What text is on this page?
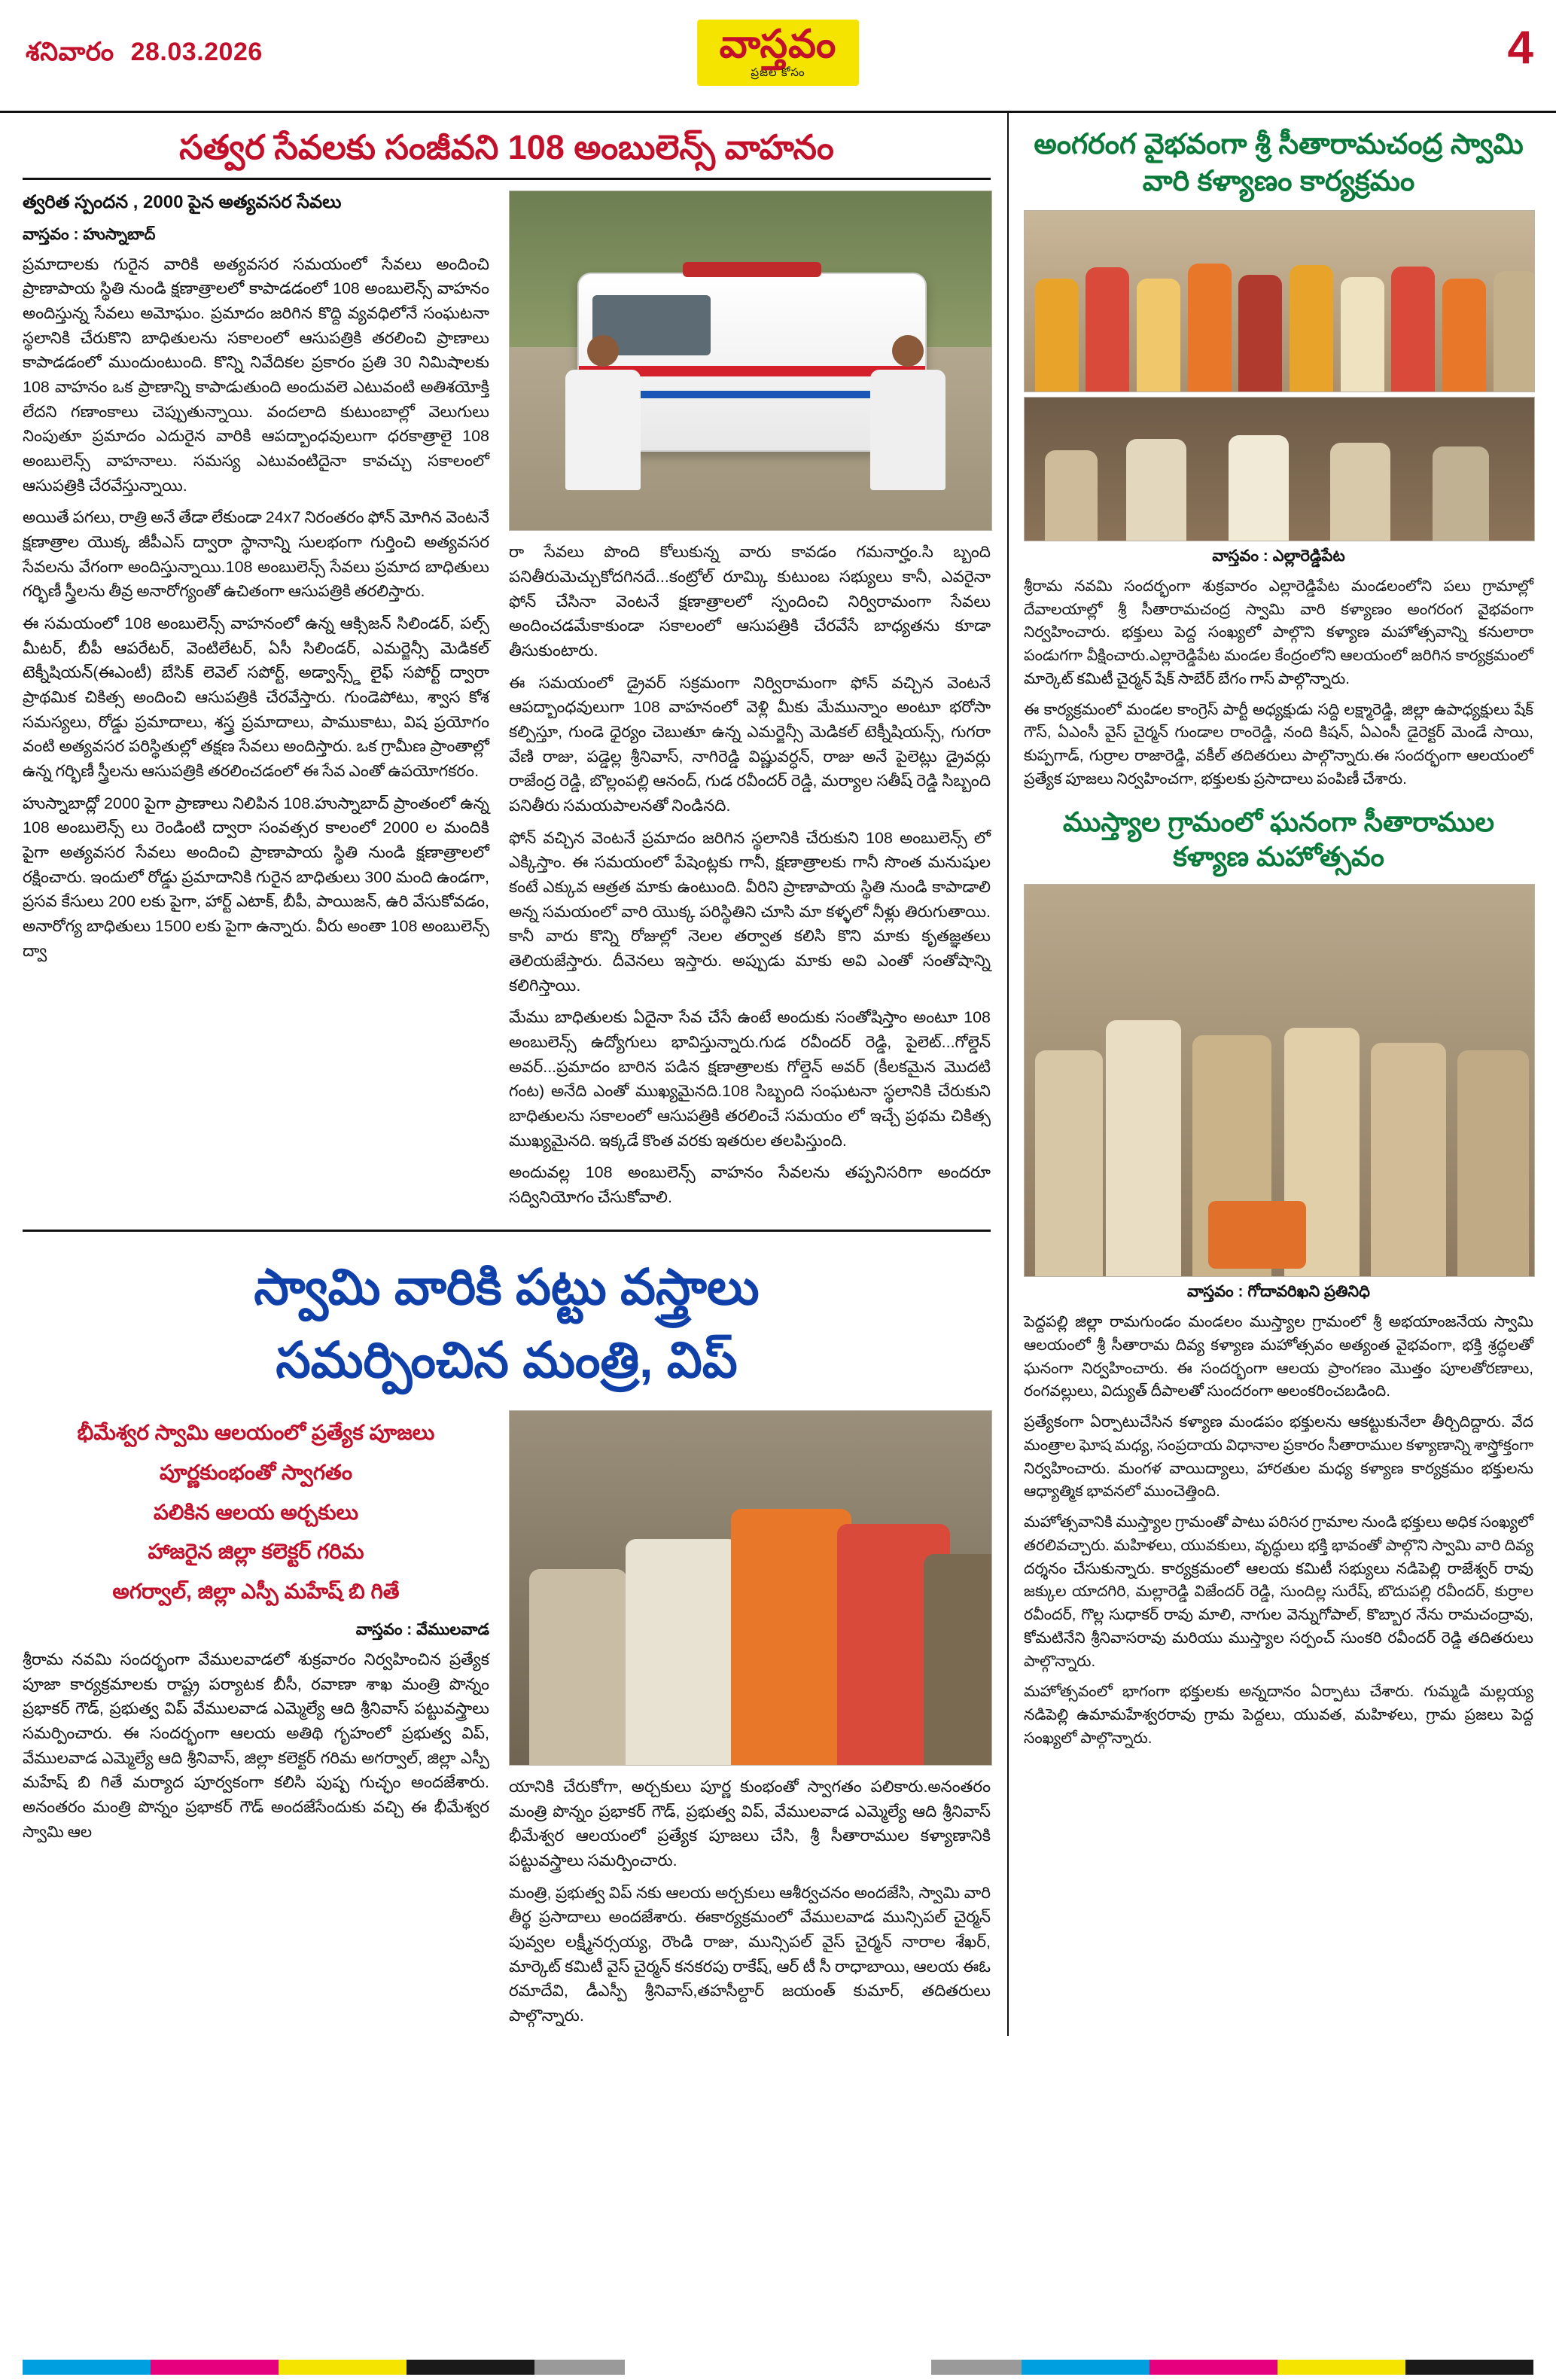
శనివారం 28.03.2026	వాస్తవం
ప్రజల కోసం	4
సత్వర సేవలకు సంజీవని 108 అంబులెన్స్ వాహనం
త్వరిత స్పందన , 2000 పైన అత్యవసర సేవలు
వాస్తవం : హుస్నాబాద్

ప్రమాదాలకు గురైన వారికి అత్యవసర సమయంలో సేవలు అందించి ప్రాణాపాయ స్థితి నుండి క్షణాత్రాలలో కాపాడడంలో 108 అంబులెన్స్ వాహనం అందిస్తున్న సేవలు అమోఘం. ప్రమాదం జరిగిన కొద్ది వ్యవధిలోనే సంఘటనా స్థలానికి చేరుకొని బాధితులను సకాలంలో ఆసుపత్రికి తరలించి ప్రాణాలు కాపాడడంలో ముందుంటుంది. కొన్ని నివేదికల ప్రకారం ప్రతి 30 నిమిషాలకు 108 వాహనం ఒక ప్రాణాన్ని కాపాడుతుంది అందువలె ఎటువంటి అతిశయోక్తి లేదని గణాంకాలు చెప్పుతున్నాయి. వందలాది కుటుంబాల్లో వెలుగులు నింపుతూ ప్రమాదం ఎదురైన వారికి ఆపద్బాంధవులుగా ధరకాత్రాలై 108 అంబులెన్స్ వాహనాలు. సమస్య ఎటువంటిదైనా కావచ్చు సకాలంలో ఆసుపత్రికి చేరవేస్తున్నాయి.

అయితే పగలు, రాత్రి అనే తేడా లేకుండా 24x7 నిరంతరం ఫోన్ మోగిన వెంటనే క్షణాత్రాల యొక్క జీపీఎస్ ద్వారా స్థానాన్ని సులభంగా గుర్తించి అత్యవసర సేవలను వేగంగా అందిస్తున్నాయి.108 అంబులెన్స్ సేవలు ప్రమాద బాధితులు గర్భిణీ స్త్రీలను తీవ్ర అనారోగ్యంతో ఉచితంగా ఆసుపత్రికి తరలిస్తారు.

ఈ సమయంలో 108 అంబులెన్స్ వాహనంలో ఉన్న ఆక్సిజన్ సిలిండర్, పల్స్ మీటర్, బీపీ ఆపరేటర్, వెంటిలేటర్, ఏసీ సిలిండర్, ఎమర్జెన్సీ మెడికల్ టెక్నీషియన్(ఈఎంటీ) బేసిక్ లెవెల్ సపోర్ట్, అడ్వాన్స్డ్ లైఫ్ సపోర్ట్ ద్వారా ప్రాథమిక చికిత్స అందించి ఆసుపత్రికి చేరవేస్తారు. గుండెపోటు, శ్వాస కోశ సమస్యలు, రోడ్డు ప్రమాదాలు, శస్త్ర ప్రమాదాలు, పాముకాటు, విష ప్రయోగం వంటి అత్యవసర పరిస్థితుల్లో తక్షణ సేవలు అందిస్తారు. ఒక గ్రామీణ ప్రాంతాల్లో ఉన్న గర్భిణీ స్త్రీలను ఆసుపత్రికి తరలించడంలో ఈ సేవ ఎంతో ఉపయోగకరం.

హుస్నాబాద్లో 2000 పైగా ప్రాణాలు నిలిపిన 108.హుస్నాబాద్ ప్రాంతంలో ఉన్న 108 అంబులెన్స్ లు రెండింటి ద్వారా సంవత్సర కాలంలో 2000 ల మందికి పైగా అత్యవసర సేవలు అందించి ప్రాణాపాయ స్థితి నుండి క్షణాత్రాలలో రక్షించారు. ఇందులో రోడ్డు ప్రమాదానికి గురైన బాధితులు 300 మంది ఉండగా, ప్రసవ కేసులు 200 లకు పైగా, హార్ట్ ఎటాక్, బీపీ, పాయిజన్, ఉరి వేసుకోవడం, అనారోగ్య బాధితులు 1500 లకు పైగా ఉన్నారు. వీరు అంతా 108 అంబులెన్స్ ద్వా

రా సేవలు పొంది కోలుకున్న వారు కావడం గమనార్హం.సి బ్బంది పనితీరుమెచ్చుకోదగినదే...కంట్రోల్ రూమ్కి కుటుంబ సభ్యులు కానీ, ఎవరైనా ఫోన్ చేసినా వెంటనే క్షణాత్రాలలో స్పందించి నిర్విరామంగా సేవలు అందించడమేకాకుండా సకాలంలో ఆసుపత్రికి చేరవేసే బాధ్యతను కూడా తీసుకుంటారు.

ఈ సమయంలో డ్రైవర్ సక్రమంగా నిర్విరామంగా ఫోన్ వచ్చిన వెంటనే ఆపద్బాంధవులుగా 108 వాహనంలో వెళ్లి మీకు మేమున్నాం అంటూ భరోసా కల్పిస్తూ, గుండె ధైర్యం చెబుతూ ఉన్న ఎమర్జెన్సీ మెడికల్ టెక్నీషియన్స్, గుగరా వేణి రాజు, పడ్డెల్ల శ్రీనివాస్, నాగిరెడ్డి విష్ణువర్ధన్, రాజు అనే పైలెట్లు డ్రైవర్లు రాజేంద్ర రెడ్డి, బొల్లంపల్లి ఆనంద్, గుడ రవీందర్ రెడ్డి, మర్యాల సతీష్ రెడ్డి సిబ్బంది పనితీరు సమయపాలనతో నిండినది.

ఫోన్ వచ్చిన వెంటనే ప్రమాదం జరిగిన స్థలానికి చేరుకుని 108 అంబులెన్స్ లో ఎక్కిస్తాం. ఈ సమయంలో పేషెంట్లకు గానీ, క్షణాత్రాలకు గానీ సొంత మనుషుల కంటే ఎక్కువ ఆత్రత మాకు ఉంటుంది. వీరిని ప్రాణాపాయ స్థితి నుండి కాపాడాలి అన్న సమయంలో వారి యొక్క పరిస్థితిని చూసి మా కళ్ళలో నీళ్లు తిరుగుతాయి. కానీ వారు కొన్ని రోజుల్లో నెలల తర్వాత కలిసి కొని మాకు కృతజ్ఞతలు తెలియజేస్తారు. దీవెనలు ఇస్తారు. అప్పుడు మాకు అవి ఎంతో సంతోషాన్ని కలిగిస్తాయి.

మేము బాధితులకు ఏదైనా సేవ చేసే ఉంటే అందుకు సంతోషిస్తాం అంటూ 108 అంబులెన్స్ ఉద్యోగులు భావిస్తున్నారు.గుడ రవీందర్ రెడ్డి, పైలెట్...గోల్డెన్ అవర్...ప్రమాదం బారిన పడిన క్షణాత్రాలకు గోల్డెన్ అవర్ (కీలకమైన మొదటి గంట) అనేది ఎంతో ముఖ్యమైనది.108 సిబ్బంది సంఘటనా స్థలానికి చేరుకుని బాధితులను సకాలంలో ఆసుపత్రికి తరలించే సమయం లో ఇచ్చే ప్రథమ చికిత్స ముఖ్యమైనది. ఇక్కడే కొంత వరకు ఇతరుల తలపిస్తుంది.

అందువల్ల 108 అంబులెన్స్ వాహనం సేవలను తప్పనిసరిగా అందరూ సద్వినియోగం చేసుకోవాలి.

స్వామి వారికి పట్టు వస్త్రాలు
సమర్పించిన మంత్రి, విప్
భీమేశ్వర స్వామి ఆలయంలో ప్రత్యేక పూజలు
పూర్ణకుంభంతో స్వాగతం
పలికిన ఆలయ అర్చకులు
హాజరైన జిల్లా కలెక్టర్ గరిమ
అగర్వాల్, జిల్లా ఎస్పీ మహేష్ బి గితే
వాస్తవం : వేములవాడ

శ్రీరామ నవమి సందర్భంగా వేములవాడలో శుక్రవారం నిర్వహించిన ప్రత్యేక పూజా కార్యక్రమాలకు రాష్ట్ర పర్యాటక బీసీ, రవాణా శాఖ మంత్రి పొన్నం ప్రభాకర్ గౌడ్, ప్రభుత్వ విప్ వేములవాడ ఎమ్మెల్యే ఆది శ్రీనివాస్ పట్టువస్త్రాలు సమర్పించారు. ఈ సందర్భంగా ఆలయ అతిథి గృహంలో ప్రభుత్వ విప్, వేములవాడ ఎమ్మెల్యే ఆది శ్రీనివాస్, జిల్లా కలెక్టర్ గరిమ అగర్వాల్, జిల్లా ఎస్పీ మహేష్ బి గితే మర్యాద పూర్వకంగా కలిసి పుష్ప గుచ్ఛం అందజేశారు. అనంతరం మంత్రి పొన్నం ప్రభాకర్ గౌడ్ అందజేసేందుకు వచ్చి ఈ భీమేశ్వర స్వామి ఆల

యానికి చేరుకోగా, అర్చకులు పూర్ణ కుంభంతో స్వాగతం పలికారు.అనంతరం మంత్రి పొన్నం ప్రభాకర్ గౌడ్, ప్రభుత్వ విప్, వేములవాడ ఎమ్మెల్యే ఆది శ్రీనివాస్ భీమేశ్వర ఆలయంలో ప్రత్యేక పూజలు చేసి, శ్రీ సీతారాముల కళ్యాణానికి పట్టువస్త్రాలు సమర్పించారు.

మంత్రి, ప్రభుత్వ విప్ నకు ఆలయ అర్చకులు ఆశీర్వచనం అందజేసి, స్వామి వారి తీర్థ ప్రసాదాలు అందజేశారు. ఈకార్యక్రమంలో వేములవాడ మున్సిపల్ చైర్మన్ పువ్వల లక్ష్మీనర్సయ్య, రౌండి రాజు, మున్సిపల్ వైస్ చైర్మన్ నారాల శేఖర్, మార్కెట్ కమిటీ వైస్ చైర్మన్ కనకరపు రాకేష్, ఆర్ టీ సీ రాధాబాయి, ఆలయ ఈఓ రమాదేవి, డీఎస్పీ శ్రీనివాస్,తహసీల్దార్ జయంత్ కుమార్, తదితరులు పాల్గొన్నారు.

అంగరంగ వైభవంగా శ్రీ సీతారామచంద్ర స్వామి వారి కళ్యాణం కార్యక్రమం
వాస్తవం : ఎల్లారెడ్డిపేట

శ్రీరామ నవమి సందర్భంగా శుక్రవారం ఎల్లారెడ్డిపేట మండలంలోని పలు గ్రామాల్లో దేవాలయాల్లో శ్రీ సీతారామచంద్ర స్వామి వారి కళ్యాణం అంగరంగ వైభవంగా నిర్వహించారు. భక్తులు పెద్ద సంఖ్యలో పాల్గొని కళ్యాణ మహోత్సవాన్ని కనులారా పండుగగా వీక్షించారు.ఎల్లారెడ్డిపేట మండల కేంద్రంలోని ఆలయంలో జరిగిన కార్యక్రమంలో మార్కెట్ కమిటీ చైర్మన్ షేక్ సాబేర్ బేగం గాస్ పాల్గొన్నారు.

ఈ కార్యక్రమంలో మండల కాంగ్రెస్ పార్టీ అధ్యక్షుడు సద్ది లక్ష్మారెడ్డి, జిల్లా ఉపాధ్యక్షులు షేక్ గౌస్, ఏఎంసీ వైస్ చైర్మన్ గుండాల రాంరెడ్డి, నంది కిషన్, ఏఎంసీ డైరెక్టర్ మెండే సాయి, కుప్పగాడ్, గుర్రాల రాజారెడ్డి, వకీల్ తదితరులు పాల్గొన్నారు.ఈ సందర్భంగా ఆలయంలో ప్రత్యేక పూజలు నిర్వహించగా, భక్తులకు ప్రసాదాలు పంపిణీ చేశారు.

ముస్త్యాల గ్రామంలో ఘనంగా సీతారాముల కళ్యాణ మహోత్సవం
వాస్తవం : గోదావరిఖని ప్రతినిధి

పెద్దపల్లి జిల్లా రామగుండం మండలం ముస్త్యాల గ్రామంలో శ్రీ అభయాంజనేయ స్వామి ఆలయంలో శ్రీ సీతారామ దివ్య కళ్యాణ మహోత్సవం అత్యంత వైభవంగా, భక్తి శ్రద్ధలతో ఘనంగా నిర్వహించారు. ఈ సందర్భంగా ఆలయ ప్రాంగణం మొత్తం పూలతోరణాలు, రంగవల్లులు, విద్యుత్ దీపాలతో సుందరంగా అలంకరించబడింది.

ప్రత్యేకంగా ఏర్పాటుచేసిన కళ్యాణ మండపం భక్తులను ఆకట్టుకునేలా తీర్చిదిద్దారు. వేద మంత్రాల ఘోష మధ్య, సంప్రదాయ విధానాల ప్రకారం సీతారాముల కళ్యాణాన్ని శాస్త్రోక్తంగా నిర్వహించారు. మంగళ వాయిద్యాలు, హారతుల మధ్య కళ్యాణ కార్యక్రమం భక్తులను ఆధ్యాత్మిక భావనలో ముంచెత్తింది.

మహోత్సవానికి ముస్త్యాల గ్రామంతో పాటు పరిసర గ్రామాల నుండి భక్తులు అధిక సంఖ్యలో తరలివచ్చారు. మహిళలు, యువకులు, వృద్ధులు భక్తి భావంతో పాల్గొని స్వామి వారి దివ్య దర్శనం చేసుకున్నారు. కార్యక్రమంలో ఆలయ కమిటీ సభ్యులు నడిపెల్లి రాజేశ్వర్ రావు జక్కుల యాదగిరి, మల్లారెడ్డి విజేందర్ రెడ్డి, సుందిల్ల సురేష్, బొదుపల్లి రవీందర్, కుర్రాల రవీందర్, గొల్ల సుధాకర్ రావు మాలి, నాగుల వెన్నుగోపాల్, కొబ్బార నేను రామచంద్రావు, కోమటినేని శ్రీనివాసరావు మరియు ముస్త్యాల సర్పంచ్ సుంకరి రవీందర్ రెడ్డి తదితరులు పాల్గొన్నారు.

మహోత్సవంలో భాగంగా భక్తులకు అన్నదానం ఏర్పాటు చేశారు. గుమ్మడి మల్లయ్య నడిపెల్లి ఉమామహేశ్వరరావు గ్రామ పెద్దలు, యువత, మహిళలు, గ్రామ ప్రజలు పెద్ద సంఖ్యలో పాల్గొన్నారు.
